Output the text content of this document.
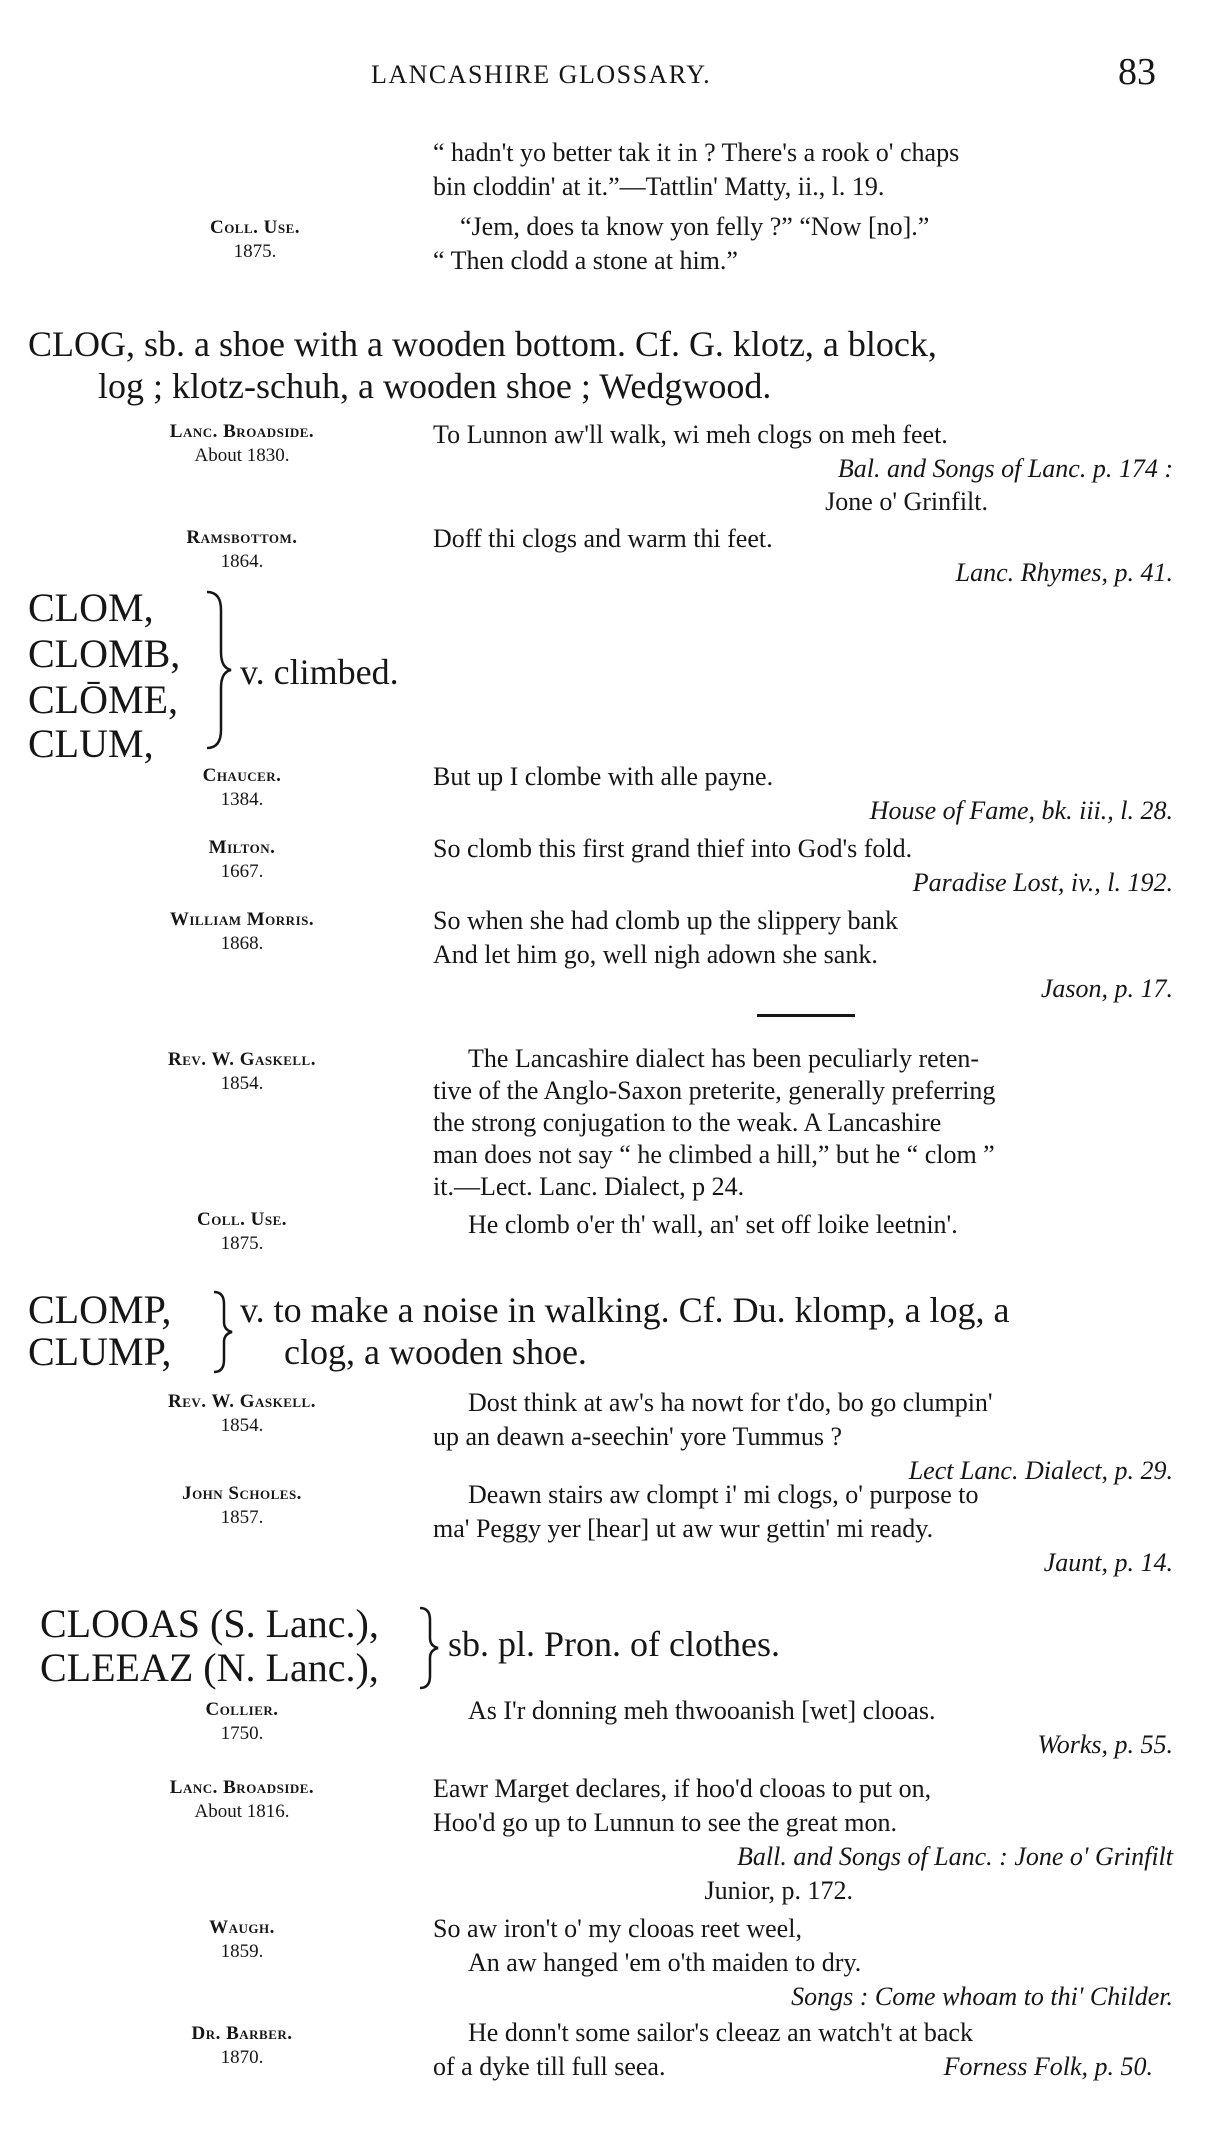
LANCASHIRE GLOSSARY.	83
“ hadn't yo better tak it in ? There's a rook o' chaps
bin cloddin' at it.”—Tattlin' Matty, ii., l. 19.
Coll. Use.
1875.
“Jem, does ta know yon felly ?” “Now [no].”
“ Then clodd a stone at him.”
CLOG, sb. a shoe with a wooden bottom. Cf. G. klotz, a block,
log ; klotz-schuh, a wooden shoe ; Wedgwood.
Lanc. Broadside.
About 1830.
To Lunnon aw'll walk, wi meh clogs on meh feet.
Bal. and Songs of Lanc. p. 174 :
Jone o' Grinfilt.
Ramsbottom.
1864.
Doff thi clogs and warm thi feet.
Lanc. Rhymes, p. 41.
CLOM,
CLOMB,
CLŌME,
CLUM,
v. climbed.
Chaucer.
1384.
But up I clombe with alle payne.
House of Fame, bk. iii., l. 28.
Milton.
1667.
So clomb this first grand thief into God's fold.
Paradise Lost, iv., l. 192.
William Morris.
1868.
So when she had clomb up the slippery bank
And let him go, well nigh adown she sank.
Jason, p. 17.
Rev. W. Gaskell.
1854.
The Lancashire dialect has been peculiarly reten-
tive of the Anglo-Saxon preterite, generally preferring
the strong conjugation to the weak. A Lancashire
man does not say “ he climbed a hill,” but he “ clom ”
it.—Lect. Lanc. Dialect, p 24.
Coll. Use.
1875.
He clomb o'er th' wall, an' set off loike leetnin'.
CLOMP,
CLUMP,
v. to make a noise in walking. Cf. Du. klomp, a log, a
clog, a wooden shoe.
Rev. W. Gaskell.
1854.
Dost think at aw's ha nowt for t'do, bo go clumpin'
up an deawn a-seechin' yore Tummus ?
Lect Lanc. Dialect, p. 29.
John Scholes.
1857.
Deawn stairs aw clompt i' mi clogs, o' purpose to
ma' Peggy yer [hear] ut aw wur gettin' mi ready.
Jaunt, p. 14.
CLOOAS (S. Lanc.),
CLEEAZ (N. Lanc.),
sb. pl. Pron. of clothes.
Collier.
1750.
As I'r donning meh thwooanish [wet] clooas.
Works, p. 55.
Lanc. Broadside.
About 1816.
Eawr Marget declares, if hoo'd clooas to put on,
Hoo'd go up to Lunnun to see the great mon.
Ball. and Songs of Lanc. : Jone o' Grinfilt
Junior, p. 172.
Waugh.
1859.
So aw iron't o' my clooas reet weel,
An aw hanged 'em o'th maiden to dry.
Songs : Come whoam to thi' Childer.
Dr. Barber.
1870.
He donn't some sailor's cleeaz an watch't at back
of a dyke till full seea.	Forness Folk, p. 50.
